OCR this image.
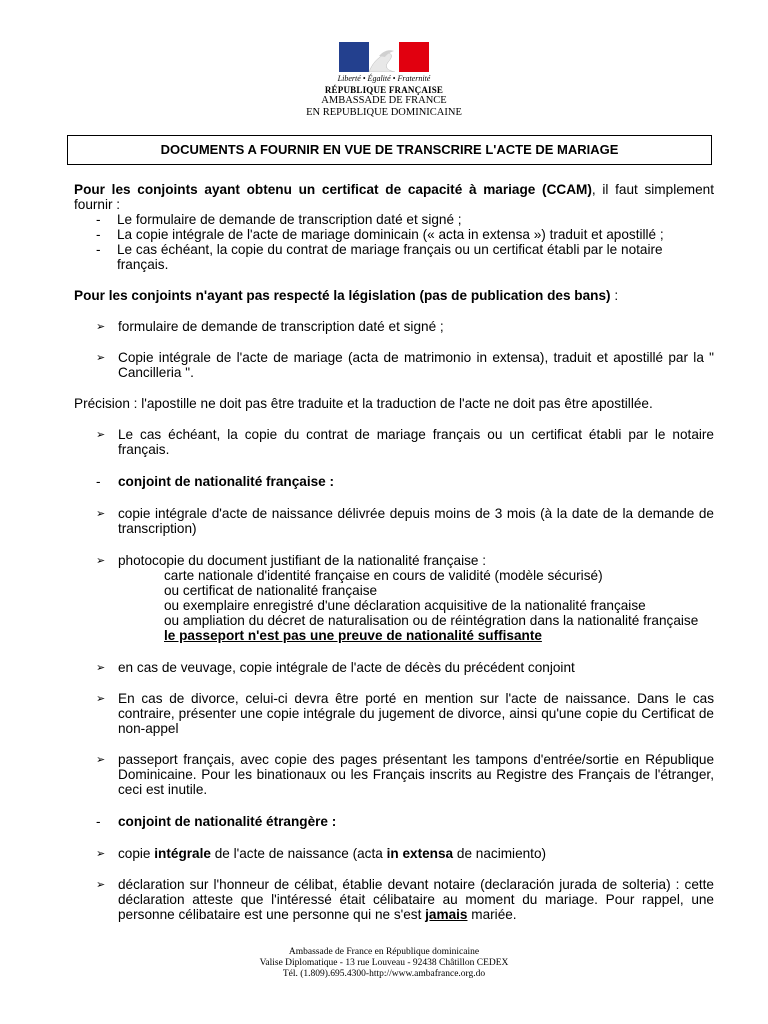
Liberté • Égalité • Fraternité
RÉPUBLIQUE FRANÇAISE
AMBASSADE DE FRANCE
EN REPUBLIQUE DOMINICAINE
DOCUMENTS A FOURNIR EN VUE DE TRANSCRIRE L'ACTE DE MARIAGE

Pour les conjoints ayant obtenu un certificat de capacité à mariage (CCAM), il faut simplement fournir :

- Le formulaire de demande de transcription daté et signé ;
- La copie intégrale de l'acte de mariage dominicain (« acta in extensa ») traduit et apostillé ;
- Le cas échéant, la copie du contrat de mariage français ou un certificat établi par le notaire français.

Pour les conjoints n'ayant pas respecté la législation (pas de publication des bans) :

➢ formulaire de demande de transcription daté et signé ;

➢ Copie intégrale de l'acte de mariage (acta de matrimonio in extensa), traduit et apostillé par la " Cancilleria ".

Précision : l'apostille ne doit pas être traduite et la traduction de l'acte ne doit pas être apostillée.

➢ Le cas échéant, la copie du contrat de mariage français ou un certificat établi par le notaire français.

- conjoint de nationalité française :

➢ copie intégrale d'acte de naissance délivrée depuis moins de 3 mois (à la date de la demande de transcription)

➢ photocopie du document justifiant de la nationalité française :

carte nationale d'identité française en cours de validité (modèle sécurisé)

ou certificat de nationalité française

ou exemplaire enregistré d'une déclaration acquisitive de la nationalité française

ou ampliation du décret de naturalisation ou de réintégration dans la nationalité française

le passeport n'est pas une preuve de nationalité suffisante

➢ en cas de veuvage, copie intégrale de l'acte de décès du précédent conjoint

➢ En cas de divorce, celui-ci devra être porté en mention sur l'acte de naissance. Dans le cas contraire, présenter une copie intégrale du jugement de divorce, ainsi qu'une copie du Certificat de non-appel

➢ passeport français, avec copie des pages présentant les tampons d'entrée/sortie en République Dominicaine. Pour les binationaux ou les Français inscrits au Registre des Français de l'étranger, ceci est inutile.

- conjoint de nationalité étrangère :

➢ copie intégrale de l'acte de naissance (acta in extensa de nacimiento)

➢ déclaration sur l'honneur de célibat, établie devant notaire (declaración jurada de solteria) : cette déclaration atteste que l'intéressé était célibataire au moment du mariage. Pour rappel, une personne célibataire est une personne qui ne s'est jamais mariée.

Ambassade de France en République dominicaine
Valise Diplomatique - 13 rue Louveau - 92438 Châtillon CEDEX
Tél. (1.809).695.4300-http://www.ambafrance.org.do
